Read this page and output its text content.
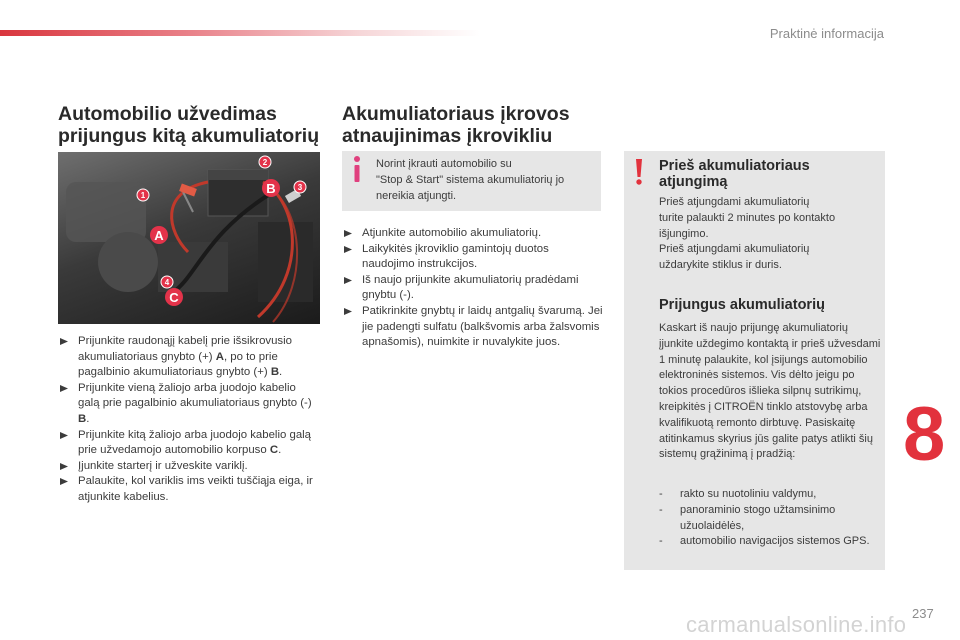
Praktinė informacija
Automobilio užvedimas
prijungus kitą akumuliatorių
A
B
C
1
2
3
4
Prijunkite raudonąjį kabelį prie išsikrovusio akumuliatoriaus gnybto (+) A, po to prie pagalbinio akumuliatoriaus gnybto (+) B.
Prijunkite vieną žaliojo arba juodojo kabelio galą prie pagalbinio akumuliatoriaus gnybto (-) B.
Prijunkite kitą žaliojo arba juodojo kabelio galą prie užvedamojo automobilio korpuso C.
Įjunkite starterį ir užveskite variklį.
Palaukite, kol variklis ims veikti tuščiąja eiga, ir atjunkite kabelius.
Akumuliatoriaus įkrovos
atnaujinimas įkrovikliu
Norint įkrauti automobilio su
"Stop & Start" sistema akumuliatorių jo
nereikia atjungti.
Atjunkite automobilio akumuliatorių.
Laikykitės įkroviklio gamintojų duotos naudojimo instrukcijos.
Iš naujo prijunkite akumuliatorių pradėdami gnybtu (-).
Patikrinkite gnybtų ir laidų antgalių švarumą. Jei jie padengti sulfatu (balkšvomis arba žalsvomis apnašomis), nuimkite ir nuvalykite juos.
Prieš akumuliatoriaus atjungimą

Prieš atjungdami akumuliatorių
turite palaukti 2 minutes po kontakto
išjungimo.
Prieš atjungdami akumuliatorių
uždarykite stiklus ir duris.

Prijungus akumuliatorių

Kaskart iš naujo prijungę akumuliatorių įjunkite uždegimo kontaktą ir prieš užvesdami 1 minutę palaukite, kol įsijungs automobilio elektroninės sistemos. Vis dėlto jeigu po tokios procedūros išlieka silpnų sutrikimų, kreipkitės į CITROËN tinklo atstovybę arba kvalifikuotą remonto dirbtuvę. Pasiskaitę atitinkamus skyrius jūs galite patys atlikti šių sistemų grąžinimą į pradžią:

- rakto su nuotoliniu valdymu,
- panoraminio stogo užtamsinimo užuolaidėlės,
- automobilio navigacijos sistemos GPS.
8
carmanualsonline.info 237
